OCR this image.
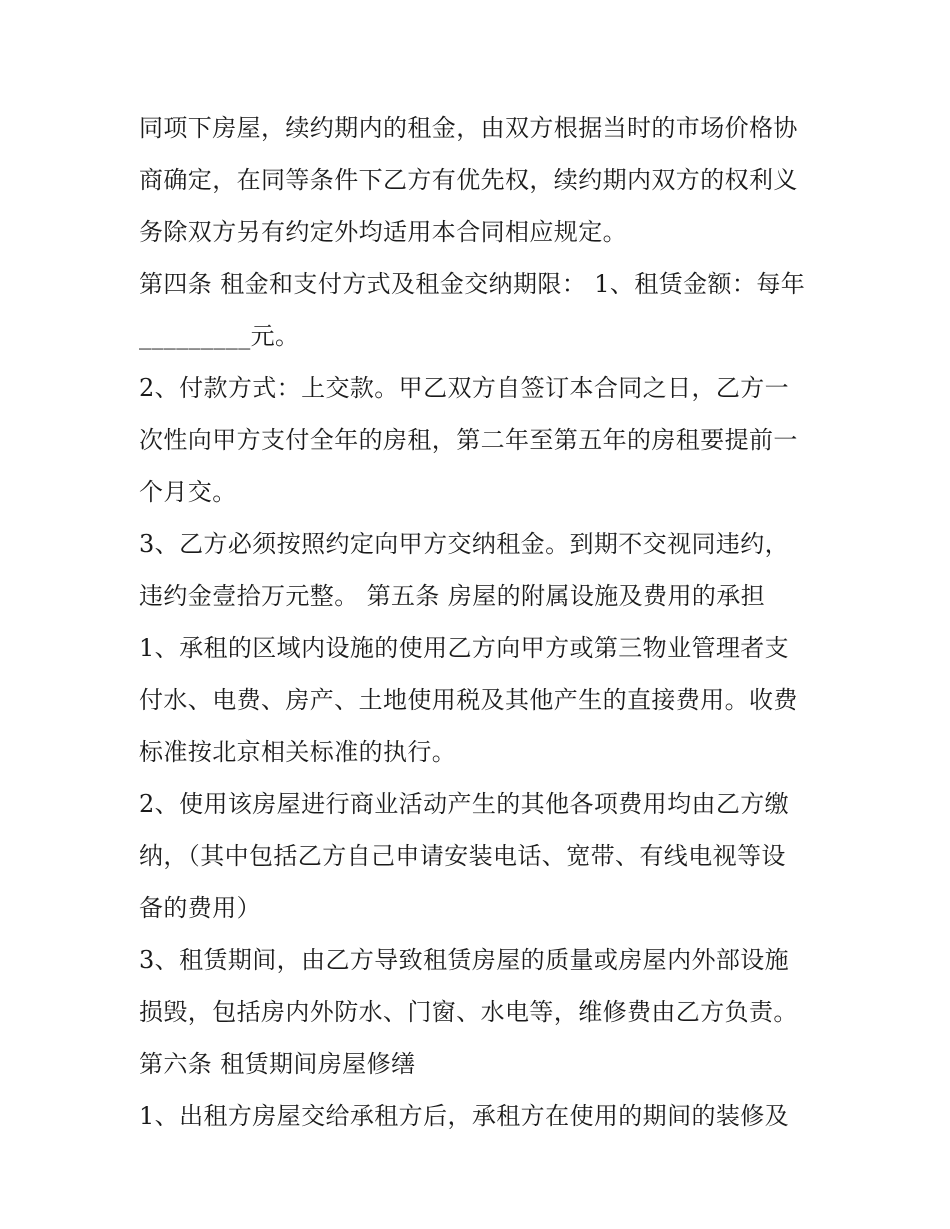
同项下房屋，续约期内的租金，由双方根据当时的市场价格协
商确定，在同等条件下乙方有优先权，续约期内双方的权利义
务除双方另有约定外均适用本合同相应规定。
第四条 租金和支付方式及租金交纳期限： 1、租赁金额：每年
_________元。
2、付款方式：上交款。甲乙双方自签订本合同之日，乙方一
次性向甲方支付全年的房租，第二年至第五年的房租要提前一
个月交。
3、乙方必须按照约定向甲方交纳租金。到期不交视同违约，
违约金壹拾万元整。 第五条 房屋的附属设施及费用的承担
1、承租的区域内设施的使用乙方向甲方或第三物业管理者支
付水、电费、房产、土地使用税及其他产生的直接费用。收费
标准按北京相关标准的执行。
2、使用该房屋进行商业活动产生的其他各项费用均由乙方缴
纳，（其中包括乙方自己申请安装电话、宽带、有线电视等设
备的费用）
3、租赁期间，由乙方导致租赁房屋的质量或房屋内外部设施
损毁，包括房内外防水、门窗、水电等，维修费由乙方负责。
第六条 租赁期间房屋修缮
1、出租方房屋交给承租方后，承租方在使用的期间的装修及
